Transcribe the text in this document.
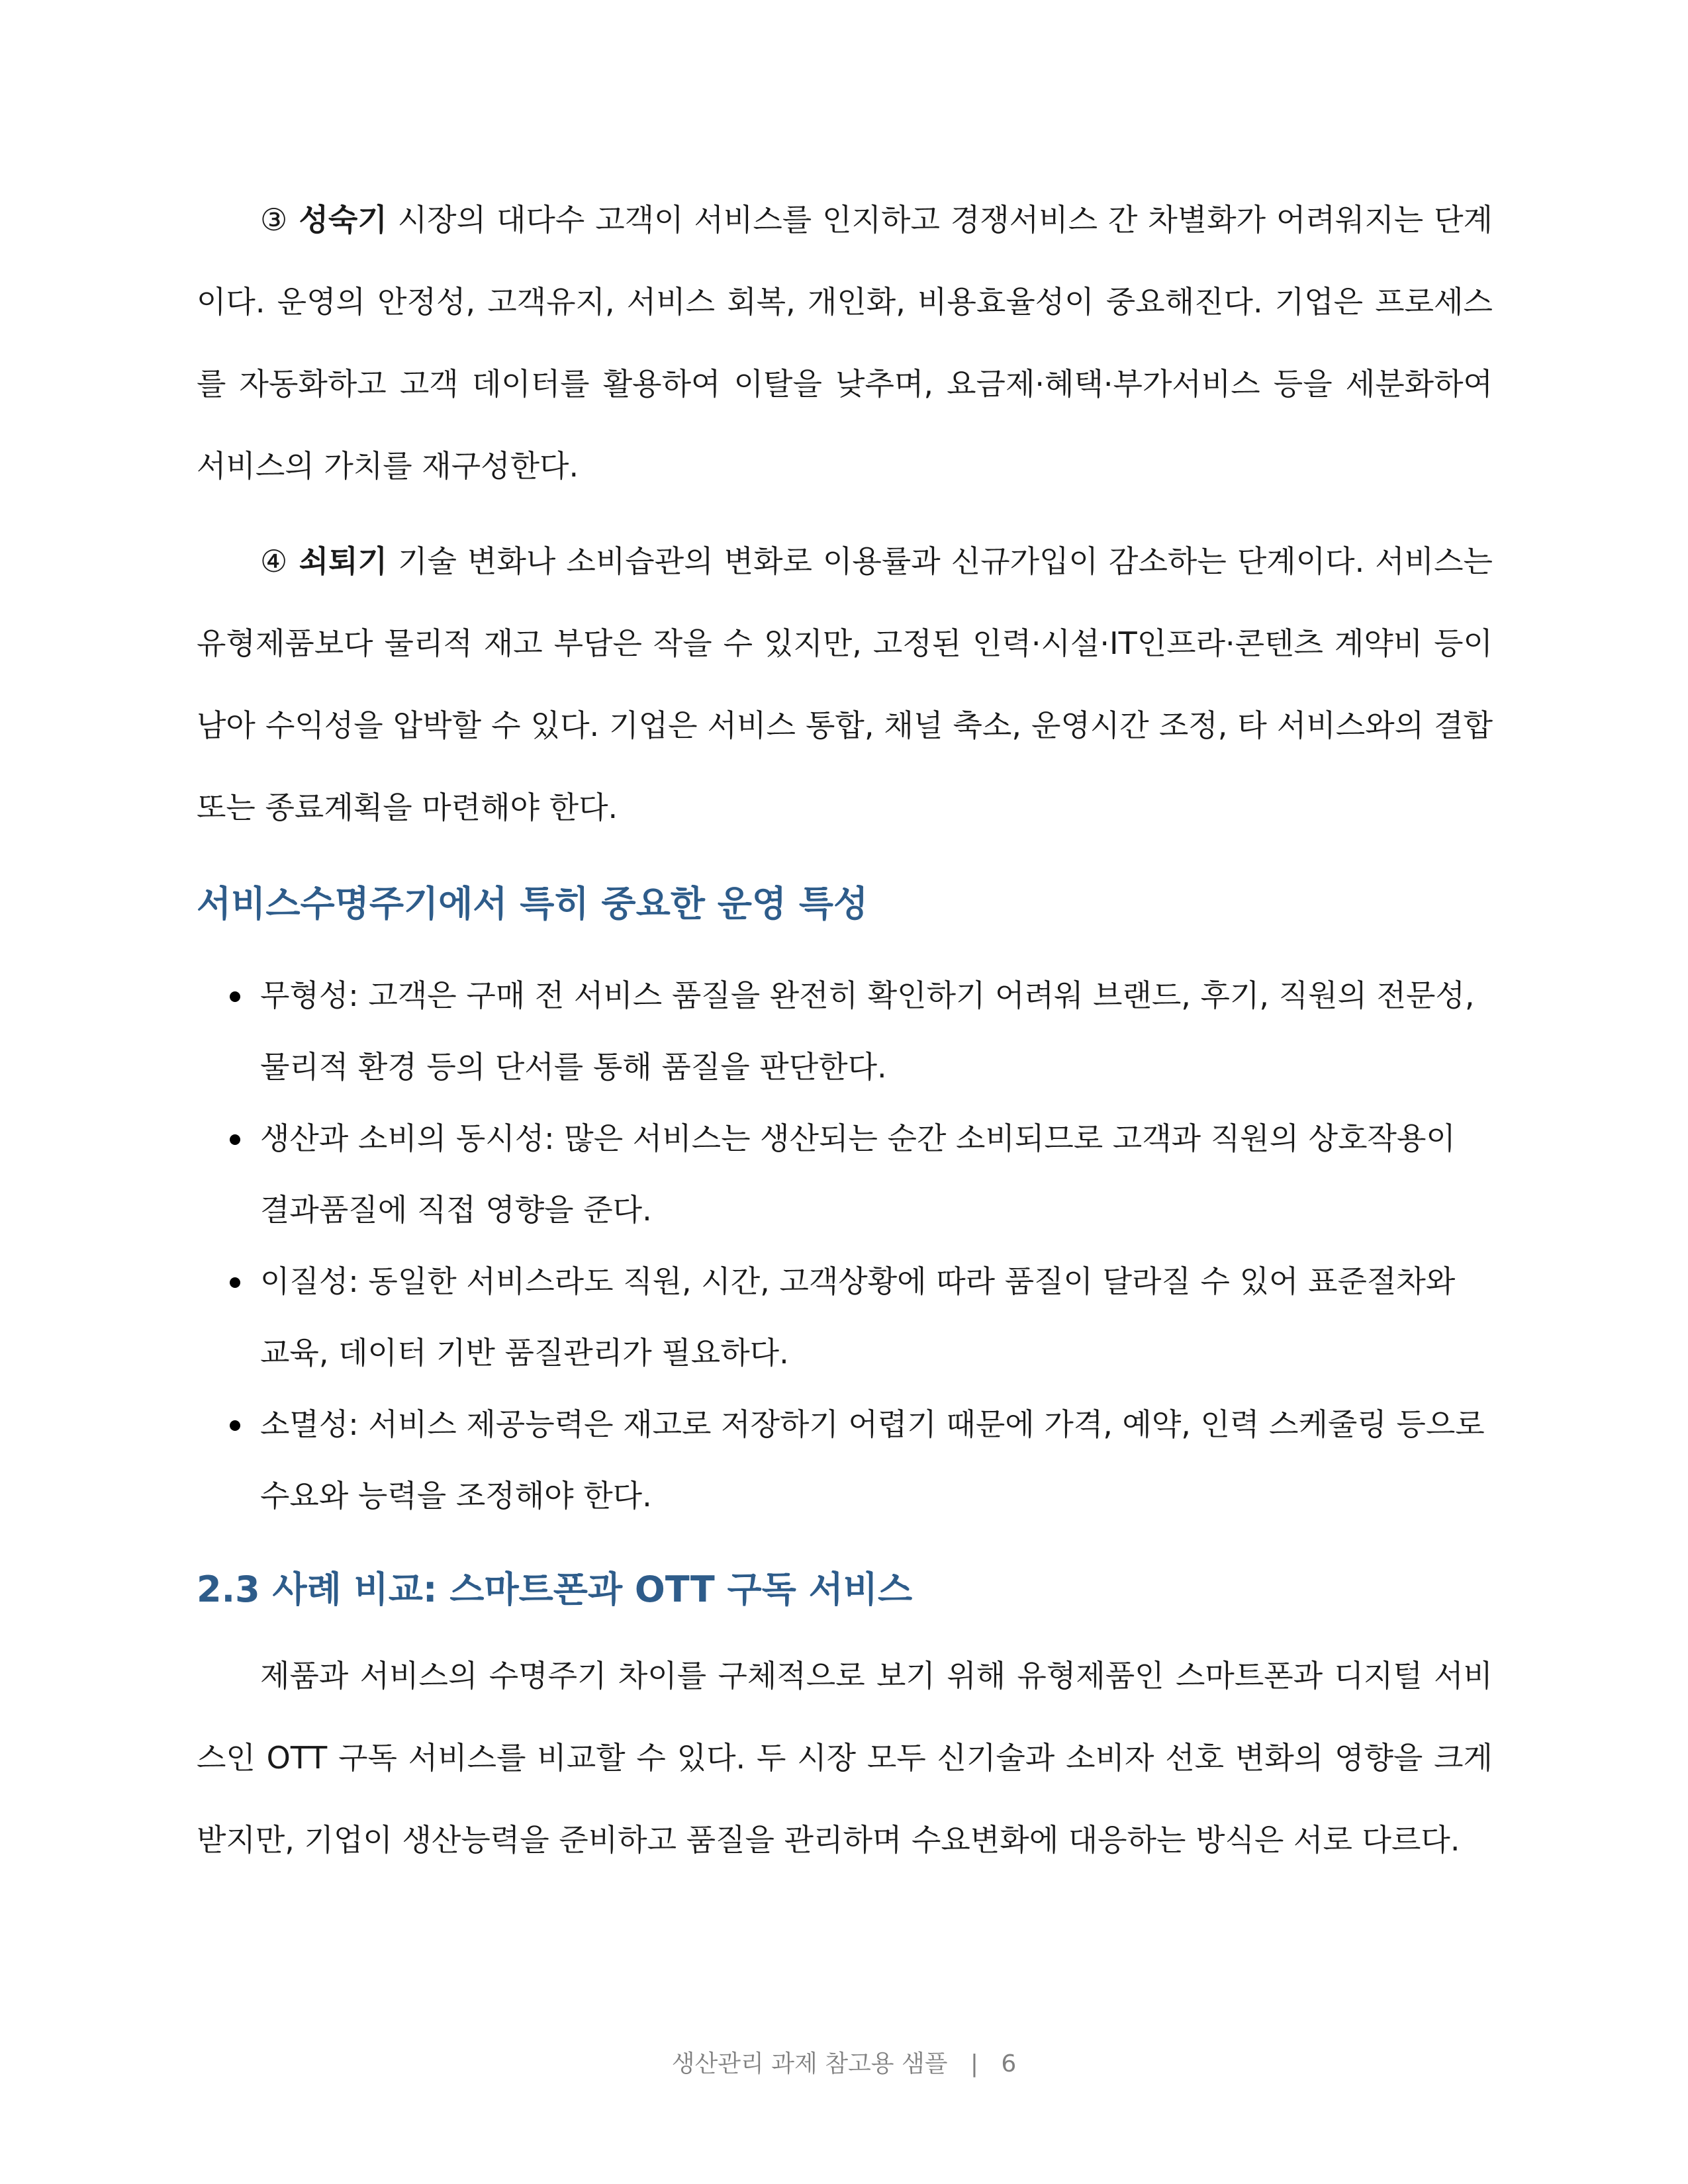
③ 성숙기 시장의 대다수 고객이 서비스를 인지하고 경쟁서비스 간 차별화가 어려워지는 단계이다. 운영의 안정성, 고객유지, 서비스 회복, 개인화, 비용효율성이 중요해진다. 기업은 프로세스를 자동화하고 고객 데이터를 활용하여 이탈을 낮추며, 요금제·혜택·부가서비스 등을 세분화하여 서비스의 가치를 재구성한다.

④ 쇠퇴기 기술 변화나 소비습관의 변화로 이용률과 신규가입이 감소하는 단계이다. 서비스는 유형제품보다 물리적 재고 부담은 작을 수 있지만, 고정된 인력·시설·IT인프라·콘텐츠 계약비 등이 남아 수익성을 압박할 수 있다. 기업은 서비스 통합, 채널 축소, 운영시간 조정, 타 서비스와의 결합 또는 종료계획을 마련해야 한다.

서비스수명주기에서 특히 중요한 운영 특성
무형성: 고객은 구매 전 서비스 품질을 완전히 확인하기 어려워 브랜드, 후기, 직원의 전문성, 물리적 환경 등의 단서를 통해 품질을 판단한다.
생산과 소비의 동시성: 많은 서비스는 생산되는 순간 소비되므로 고객과 직원의 상호작용이 결과품질에 직접 영향을 준다.
이질성: 동일한 서비스라도 직원, 시간, 고객상황에 따라 품질이 달라질 수 있어 표준절차와 교육, 데이터 기반 품질관리가 필요하다.
소멸성: 서비스 제공능력은 재고로 저장하기 어렵기 때문에 가격, 예약, 인력 스케줄링 등으로 수요와 능력을 조정해야 한다.
2.3 사례 비교: 스마트폰과 OTT 구독 서비스

제품과 서비스의 수명주기 차이를 구체적으로 보기 위해 유형제품인 스마트폰과 디지털 서비스인 OTT 구독 서비스를 비교할 수 있다. 두 시장 모두 신기술과 소비자 선호 변화의 영향을 크게 받지만, 기업이 생산능력을 준비하고 품질을 관리하며 수요변화에 대응하는 방식은 서로 다르다.

생산관리 과제 참고용 샘플 | 6
